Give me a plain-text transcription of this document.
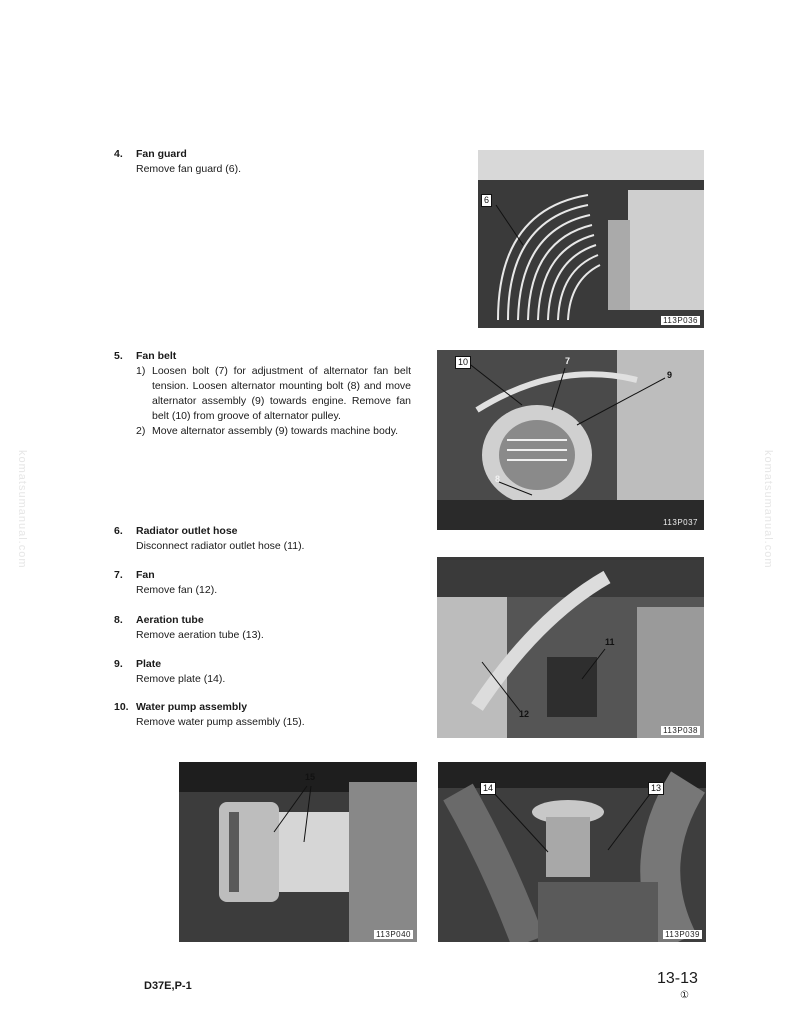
komatsumanual.com	komatsumanual.com
4. Fan guard
Remove fan guard (6).
5. Fan belt
1) Loosen bolt (7) for adjustment of alternator fan belt tension. Loosen alternator mounting bolt (8) and move alternator assembly (9) towards engine. Remove fan belt (10) from groove of alternator pulley.
2) Move alternator assembly (9) towards machine body.
6. Radiator outlet hose
Disconnect radiator outlet hose (11).
7. Fan
Remove fan (12).
8. Aeration tube
Remove aeration tube (13).
9. Plate
Remove plate (14).
10. Water pump assembly
Remove water pump assembly (15).
6
113P036
10	7
9
8
113P037
11
12
113P038
15
113P040
14	13
113P039
D37E,P-1	13-13
①
